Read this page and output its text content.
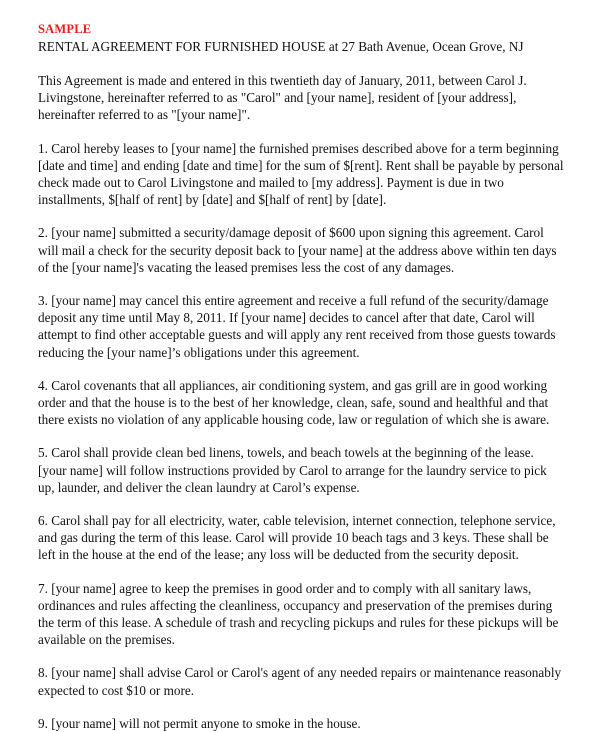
SAMPLE
RENTAL AGREEMENT FOR FURNISHED HOUSE at 27 Bath Avenue, Ocean Grove, NJ

This Agreement is made and entered in this twentieth day of January, 2011, between Carol J. Livingstone, hereinafter referred to as "Carol" and [your name], resident of [your address], hereinafter referred to as "[your name]".

1. Carol hereby leases to [your name] the furnished premises described above for a term beginning [date and time] and ending [date and time] for the sum of $[rent]. Rent shall be payable by personal check made out to Carol Livingstone and mailed to [my address]. Payment is due in two installments, $[half of rent] by [date] and $[half of rent] by [date].

2. [your name] submitted a security/damage deposit of $600 upon signing this agreement. Carol will mail a check for the security deposit back to [your name] at the address above within ten days of the [your name]'s vacating the leased premises less the cost of any damages.

3. [your name] may cancel this entire agreement and receive a full refund of the security/damage deposit any time until May 8, 2011. If [your name] decides to cancel after that date, Carol will attempt to find other acceptable guests and will apply any rent received from those guests towards reducing the [your name]’s obligations under this agreement.

4. Carol covenants that all appliances, air conditioning system, and gas grill are in good working order and that the house is to the best of her knowledge, clean, safe, sound and healthful and that there exists no violation of any applicable housing code, law or regulation of which she is aware.

5. Carol shall provide clean bed linens, towels, and beach towels at the beginning of the lease. [your name] will follow instructions provided by Carol to arrange for the laundry service to pick up, launder, and deliver the clean laundry at Carol’s expense.

6. Carol shall pay for all electricity, water, cable television, internet connection, telephone service, and gas during the term of this lease. Carol will provide 10 beach tags and 3 keys. These shall be left in the house at the end of the lease; any loss will be deducted from the security deposit.

7. [your name] agree to keep the premises in good order and to comply with all sanitary laws, ordinances and rules affecting the cleanliness, occupancy and preservation of the premises during the term of this lease. A schedule of trash and recycling pickups and rules for these pickups will be available on the premises.

8. [your name] shall advise Carol or Carol's agent of any needed repairs or maintenance reasonably expected to cost $10 or more.

9. [your name] will not permit anyone to smoke in the house.
